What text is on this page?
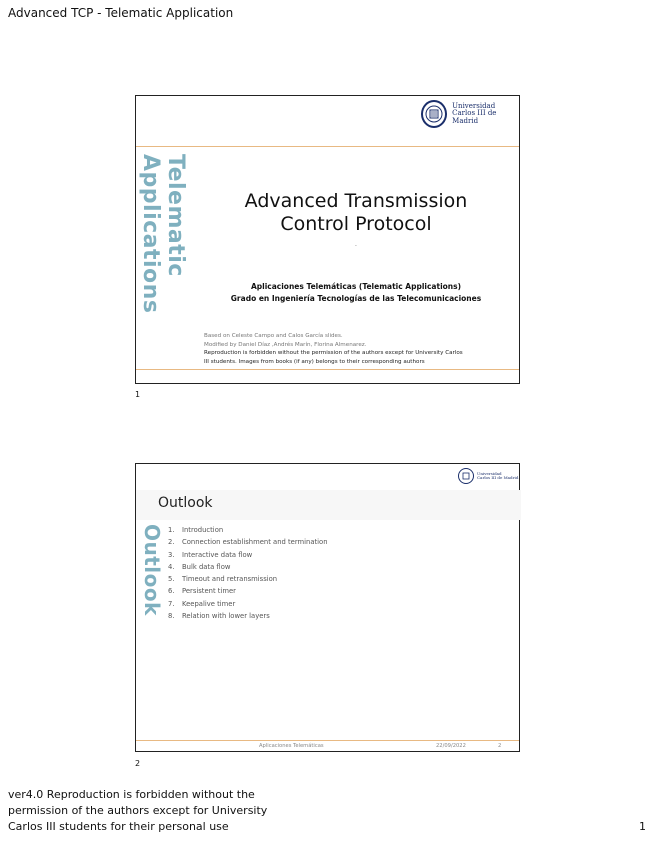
Advanced TCP - Telematic Application
Universidad
Carlos III de Madrid
Telematic Applications	Advanced Transmission
Control Protocol
.
Aplicaciones Telemáticas (Telematic Applications)
Grado en Ingeniería Tecnologías de las Telecomunicaciones
Based on Celeste Campo and Calos García slides.
Modified by Daniel Díaz ,Andrés Marín, Florina Almenarez.
Reproduction is forbidden without the permission of the authors except for University Carlos
III students. Images from books (if any) belongs to their corresponding authors
1
Universidad
Carlos III de Madrid
Outlook
Outlook 1. Introduction
2. Connection establishment and termination
3. Interactive data flow
4. Bulk data flow
5. Timeout and retransmission
6. Persistent timer
7. Keepalive timer
8. Relation with lower layers
Aplicaciones Telemáticas	22/09/2022	2
2
ver4.0 Reproduction is forbidden without the
permission of the authors except for University
Carlos III students for their personal use	1
